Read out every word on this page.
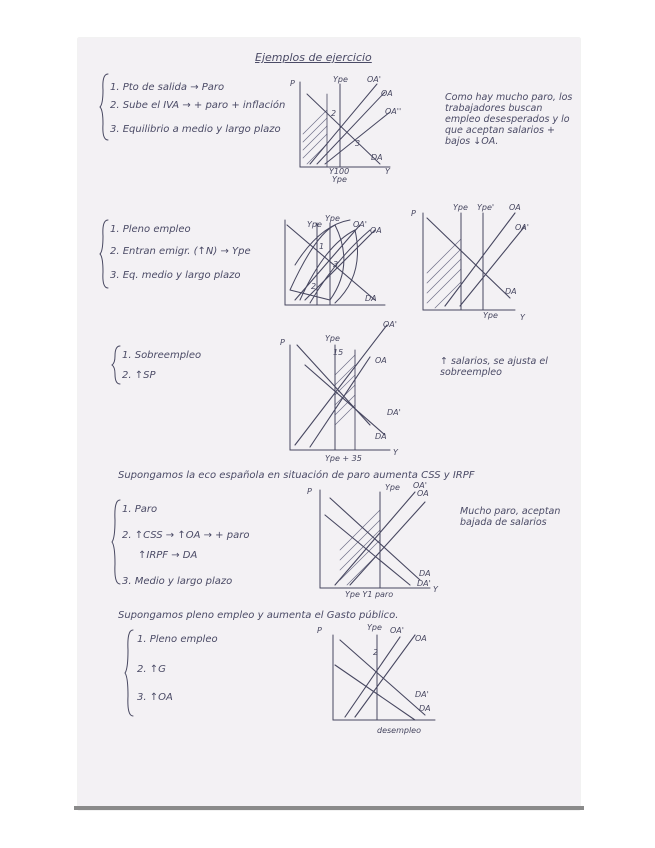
Ejemplos de ejercicio
1. Pto de salida → Paro
2. Sube el IVA → + paro + inflación
3. Equilibrio a medio y largo plazo
P	Ype OA'
OA
OA''
DA
Y
2
3
Y100
Ype
Como hay mucho paro, los trabajadores buscan empleo desesperados y lo que aceptan salarios + bajos ↓OA.
1. Pleno empleo
2. Entran emigr. (↑N) → Ype
3. Eq. medio y largo plazo
Ype
Ype
OA'
OA
DA
1
3
2
P
Ype Ype' OA
OA'
DA
Y
Ype
1. Sobreempleo
2. ↑SP
P	Ype
15
OA'
OA
DA'
DA
Y
Ype + 35
↑ salarios, se ajusta el sobreempleo
Supongamos la eco española en situación de paro aumenta CSS y IRPF
1. Paro
2. ↑CSS → ↑OA → + paro
↑IRPF → DA
3. Medio y largo plazo
P	Ype OA'
OA
DA
DA'
Y
Ype Y1 paro
Mucho paro, aceptan bajada de salarios
Supongamos pleno empleo y aumenta el Gasto público.
1. Pleno empleo
2. ↑G
3. ↑OA
P	Ype OA'
OA
2
DA'
DA
desempleo
